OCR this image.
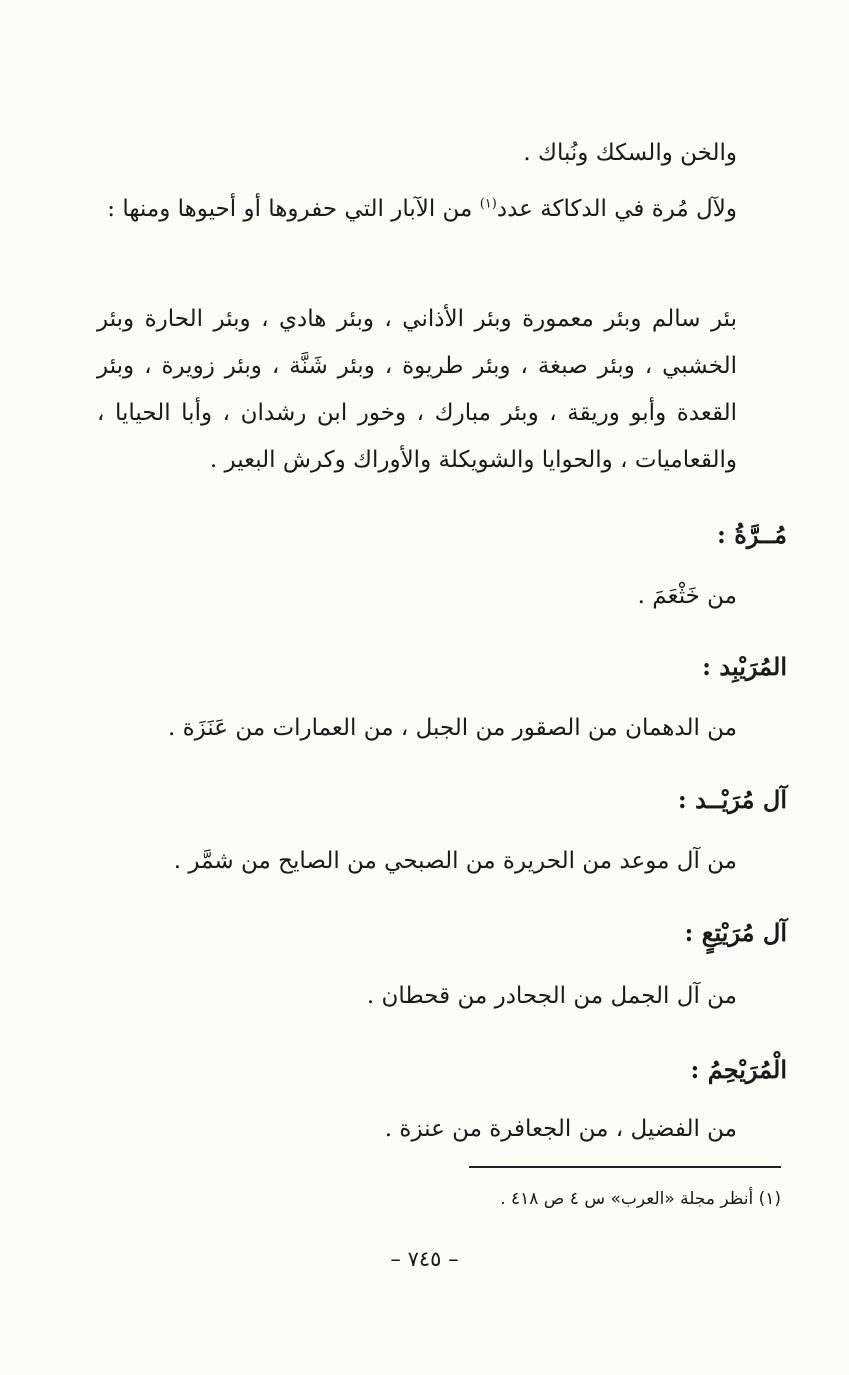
والخن والسكك ونُباك .
ولآل مُرة في الدكاكة عدد$^{(١)}$ من الآبار التي حفروها أو أحيوها ومنها :
بئر سالم وبئر معمورة وبئر الأذاني ، وبئر هادي ، وبئر الحارة وبئر
الخشبي ، وبئر صبغة ، وبئر طريوة ، وبئر شَنَّة ، وبئر زويرة ، وبئر
القعدة وأبو وريقة ، وبئر مبارك ، وخور ابن رشدان ، وأبا الحيايا ،
والقعاميات ، والحوايا والشويكلة والأوراك وكرش البعير .
مُــرَّةُ :
من خَثْعَمَ .
المُرَيْبِد :
من الدهمان من الصقور من الجبل ، من العمارات من عَنَزَة .
آل مُرَيْــد :
من آل موعد من الحريرة من الصبحي من الصايح من شمَّر .
آل مُرَيْتِعٍ :
من آل الجمل من الجحادر من قحطان .
الْمُرَيْحِمُ :
من الفضيل ، من الجعافرة من عنزة .
(١) أنظر مجلة «العرب» س ٤ ص ٤١٨ .
– ٧٤٥ –
